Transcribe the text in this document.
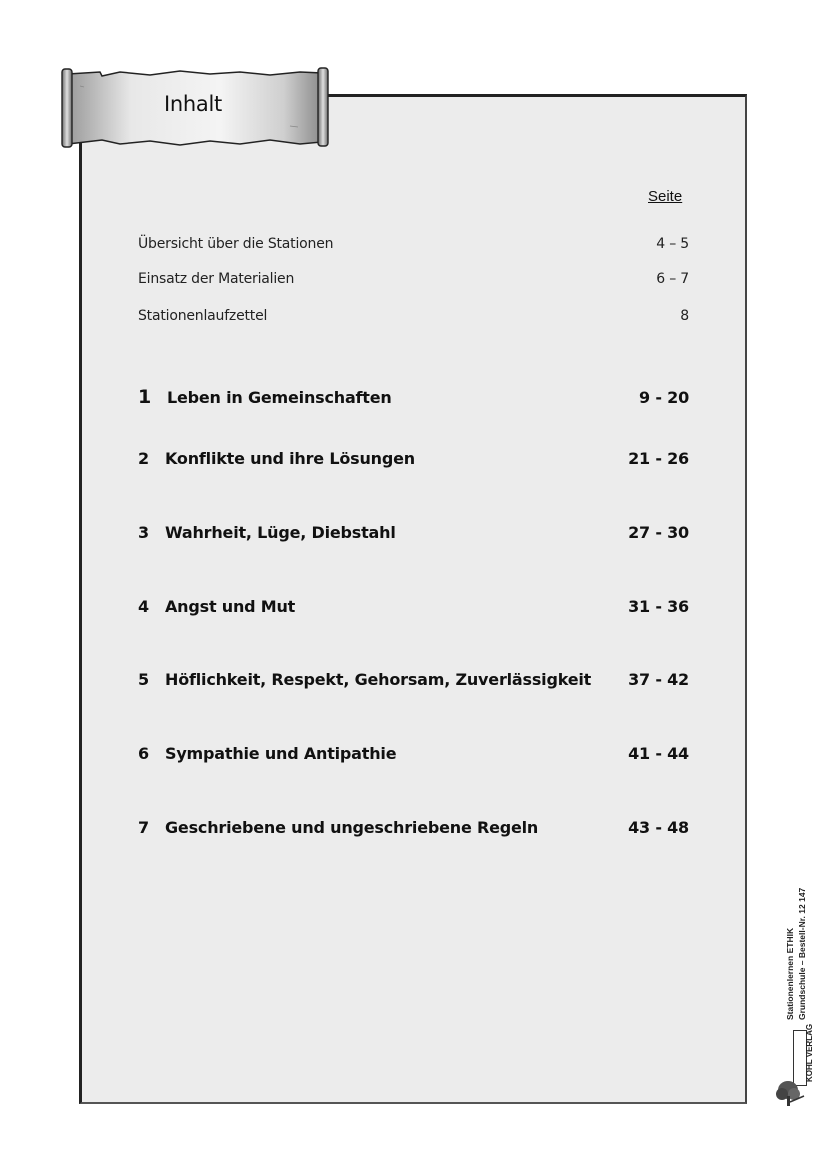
Inhalt
Seite
Übersicht über die Stationen	4 – 5
Einsatz der Materialien	6 – 7
Stationenlaufzettel	8
1 Leben in Gemeinschaften	9 - 20
2 Konflikte und ihre Lösungen	21 - 26
3 Wahrheit, Lüge, Diebstahl	27 - 30
4 Angst und Mut	31 - 36
5 Höflichkeit, Respekt, Gehorsam, Zuverlässigkeit 37 - 42
6 Sympathie und Antipathie	41 - 44
7 Geschriebene und ungeschriebene Regeln	43 - 48
Stationenlernen ETHIK Grundschule – Bestell-Nr. 12 147
KOHL VERLAG
